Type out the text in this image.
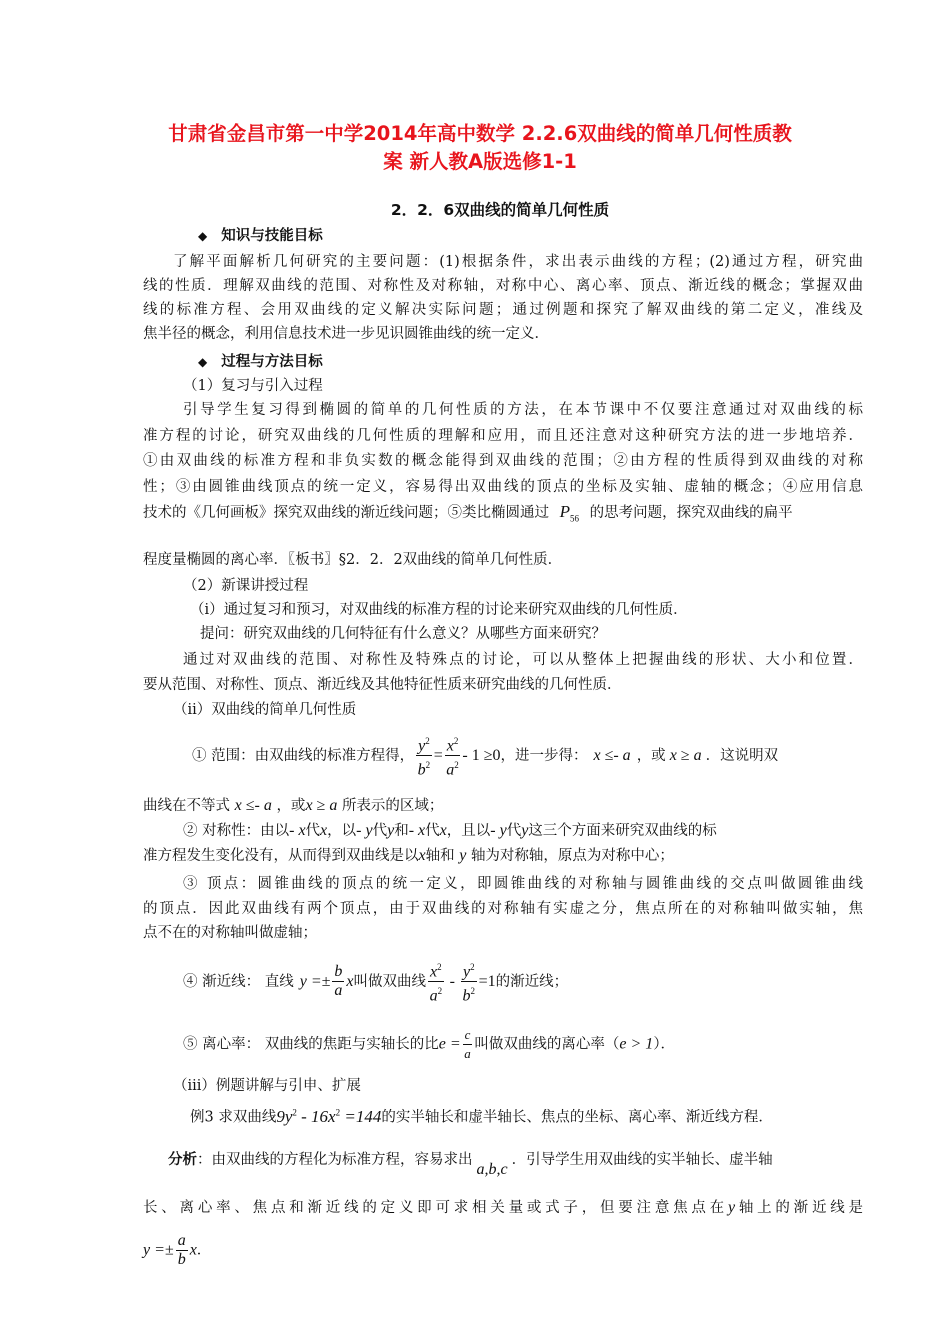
甘肃省金昌市第一中学2014年高中数学 2.2.6双曲线的简单几何性质教
案 新人教A版选修1-1
2．2．6双曲线的简单几何性质
◆ 知识与技能目标
了解平面解析几何研究的主要问题：(1)根据条件，求出表示曲线的方程；(2)通过方程，研究曲
线的性质．理解双曲线的范围、对称性及对称轴，对称中心、离心率、顶点、渐近线的概念；掌握双曲
线的标准方程、会用双曲线的定义解决实际问题；通过例题和探究了解双曲线的第二定义，准线及
焦半径的概念，利用信息技术进一步见识圆锥曲线的统一定义．
◆ 过程与方法目标
（1）复习与引入过程
引导学生复习得到椭圆的简单的几何性质的方法，在本节课中不仅要注意通过对双曲线的标
准方程的讨论，研究双曲线的几何性质的理解和应用，而且还注意对这种研究方法的进一步地培养．
①由双曲线的标准方程和非负实数的概念能得到双曲线的范围；②由方程的性质得到双曲线的对称
性；③由圆锥曲线顶点的统一定义，容易得出双曲线的顶点的坐标及实轴、虚轴的概念；④应用信息
技术的《几何画板》探究双曲线的渐近线问题；⑤类比椭圆通过 $P_{56}$ 的思考问题，探究双曲线的扁平
程度量椭圆的离心率．〖板书〗§2．2．2双曲线的简单几何性质．
（2）新课讲授过程
（i）通过复习和预习，对双曲线的标准方程的讨论来研究双曲线的几何性质．
提问：研究双曲线的几何特征有什么意义？从哪些方面来研究？
通过对双曲线的范围、对称性及特殊点的讨论，可以从整体上把握曲线的形状、大小和位置．
要从范围、对称性、顶点、渐近线及其他特征性质来研究曲线的几何性质．
（ii）双曲线的简单几何性质
① 范围：由双曲线的标准方程得， $\frac{y^2}{b^2} = \frac{x^2}{a^2} - 1 \ge 0$，进一步得： x ≤- a ，或 x ≥ a ．这说明双
曲线在不等式 x ≤- a ，或x ≥ a 所表示的区域；
② 对称性：由以- x代x，以- y代y和- x代x，且以- y代y这三个方面来研究双曲线的标
准方程发生变化没有，从而得到双曲线是以x轴和 y 轴为对称轴，原点为对称中心；
③ 顶点：圆锥曲线的顶点的统一定义，即圆锥曲线的对称轴与圆锥曲线的交点叫做圆锥曲线
的顶点．因此双曲线有两个顶点，由于双曲线的对称轴有实虚之分，焦点所在的对称轴叫做实轴，焦
点不在的对称轴叫做虚轴；
④ 渐近线： 直线 $y =\pm \frac{b}{a}$ x叫做双曲线 $\frac{x^2}{a^2} - \frac{y^2}{b^2} =1$的渐近线；
⑤ 离心率： 双曲线的焦距与实轴长的比$e = \frac{c}{a}$ 叫做双曲线的离心率（e > 1）．
（iii）例题讲解与引申、扩展
例3 求双曲线$9y^2 - 16x^2 =144$的实半轴长和虚半轴长、焦点的坐标、离心率、渐近线方程．
分析：由双曲线的方程化为标准方程，容易求出a,b,c．引导学生用双曲线的实半轴长、虚半轴
长、离心率、焦点和渐近线的定义即可求相关量或式子，但要注意焦点在y轴上的渐近线是
$y =\pm \frac{a}{b}$ x．
